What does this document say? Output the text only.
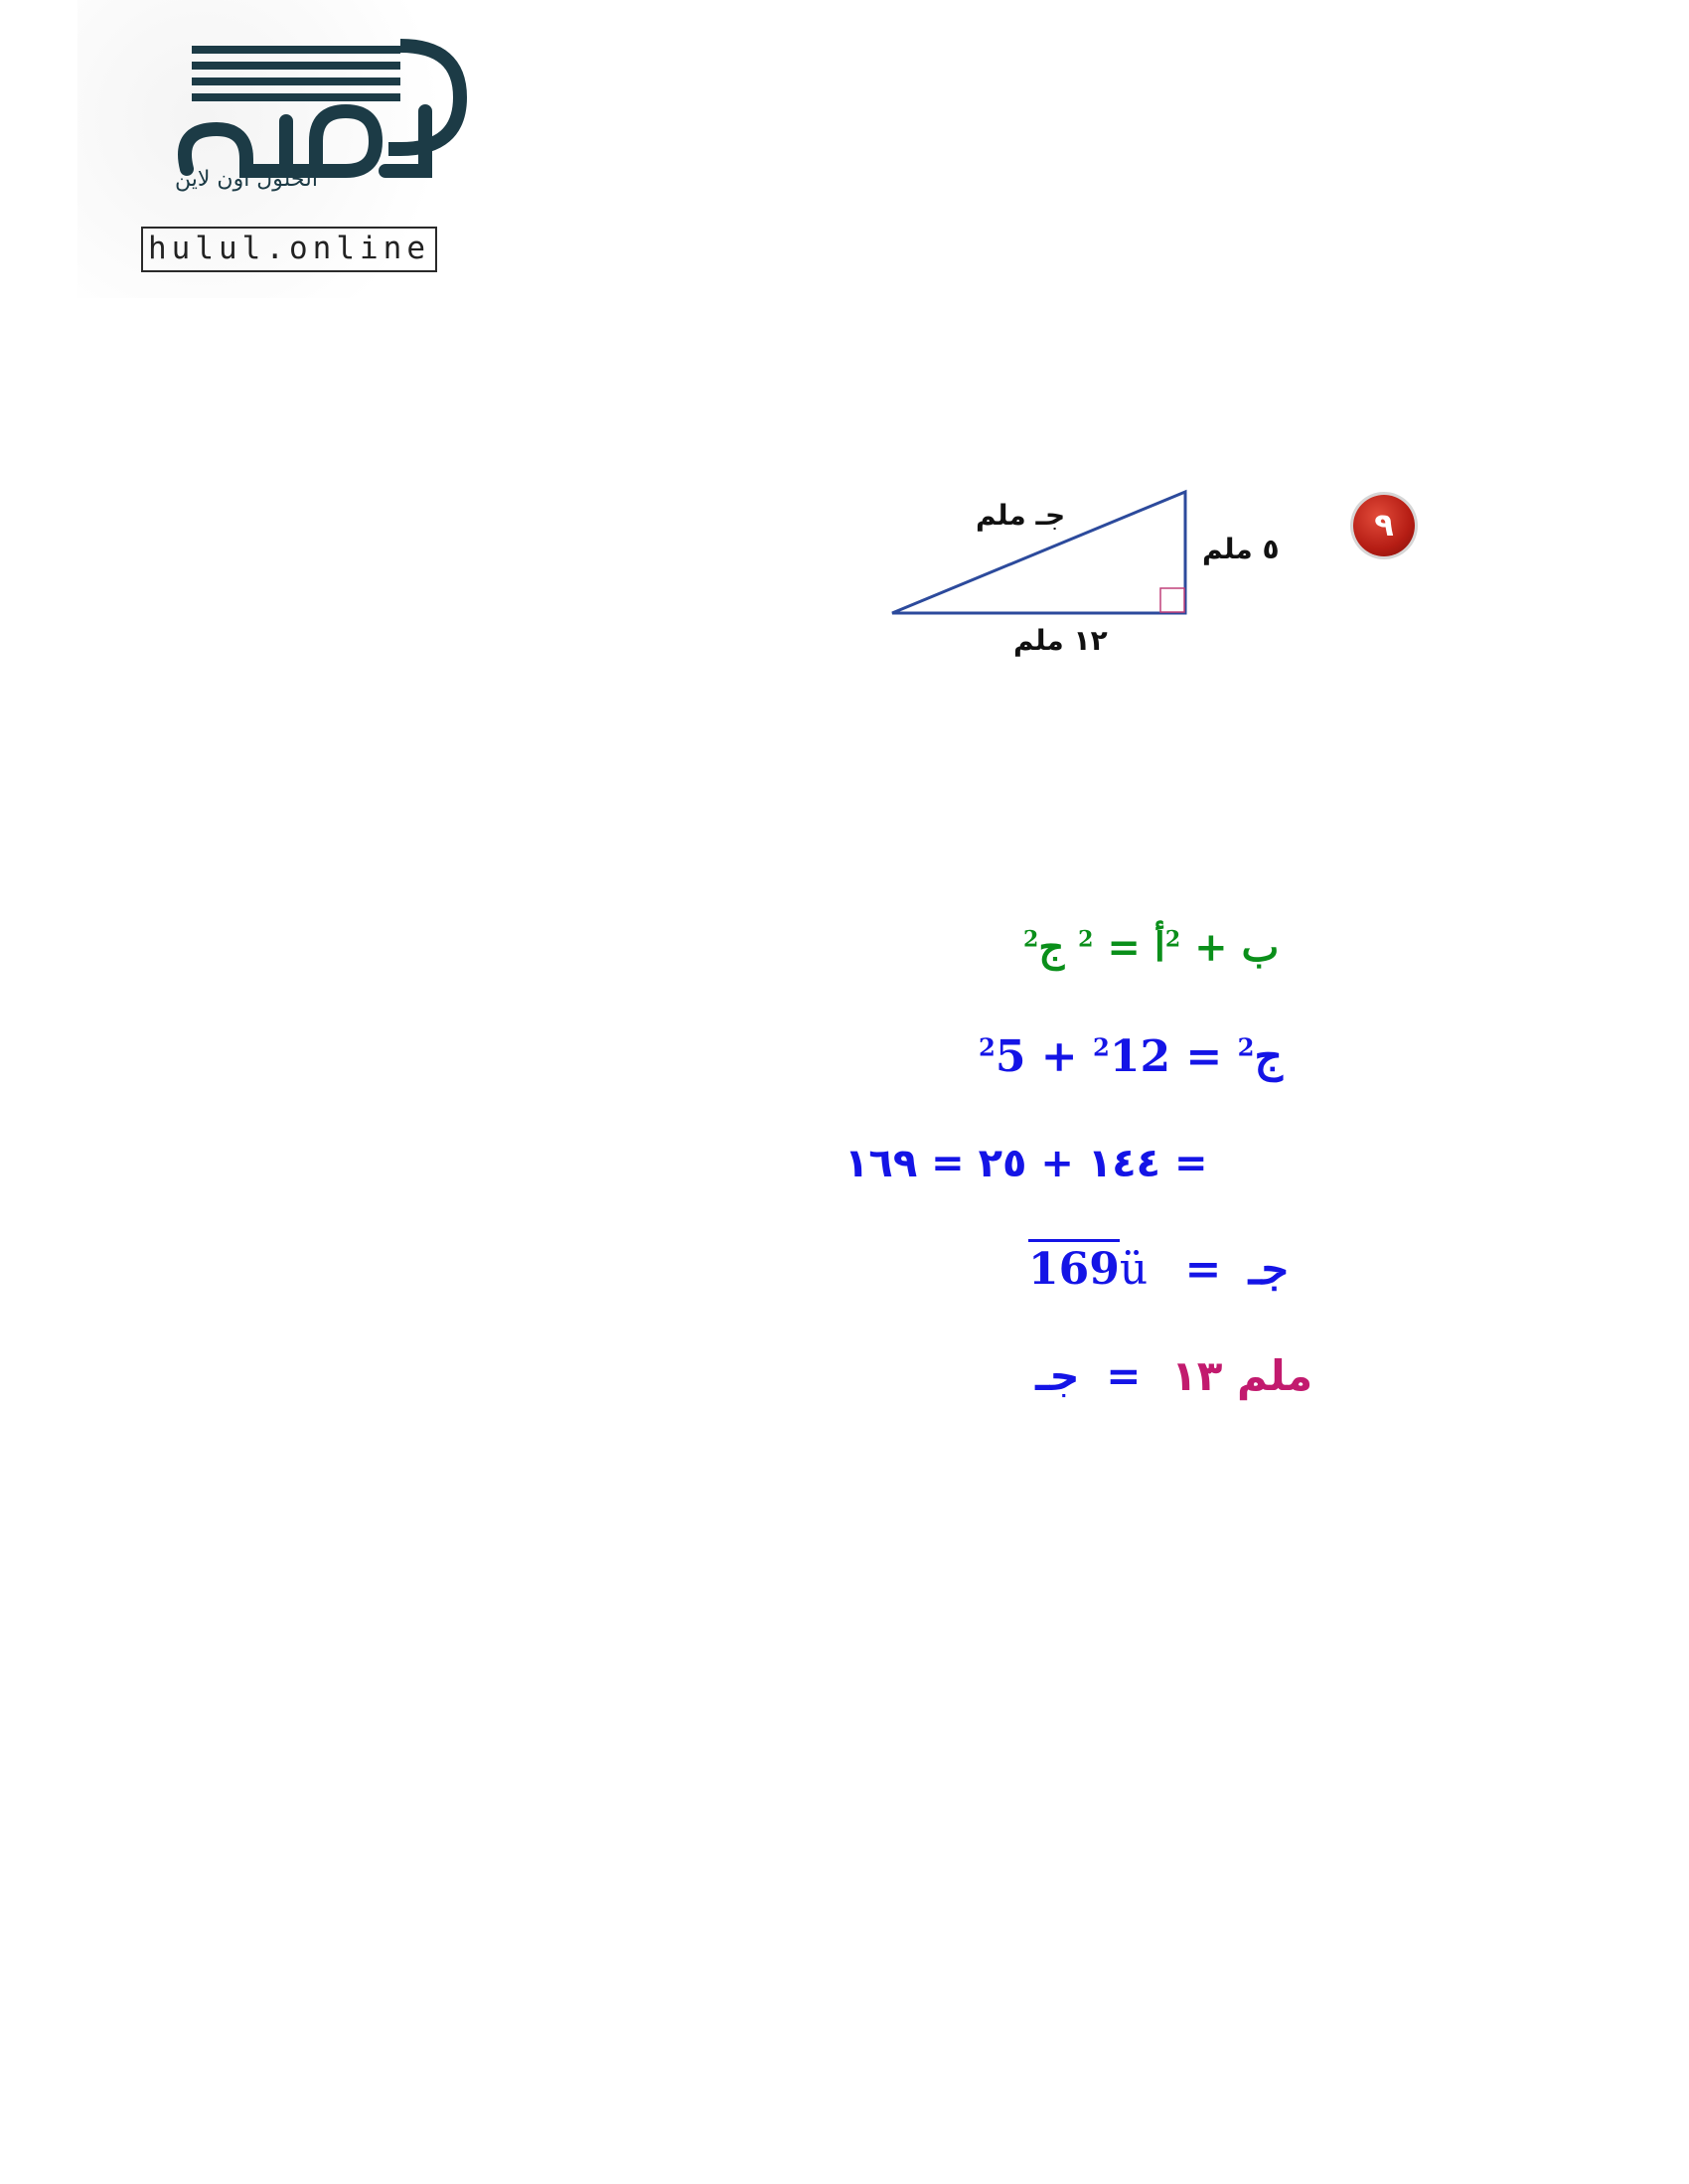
الحلول اون لاين
hulul.online
٩
جـ ملم
٥ ملم
١٢ ملم
$^2$	ب + $^2$أ = $^2$ ج
$^2$5 + $^2$12 = $^2$ج
= ١٤٤ + ٢٥ = ١٦٩
169ü = جـ
ملم ١٣ = جـ
